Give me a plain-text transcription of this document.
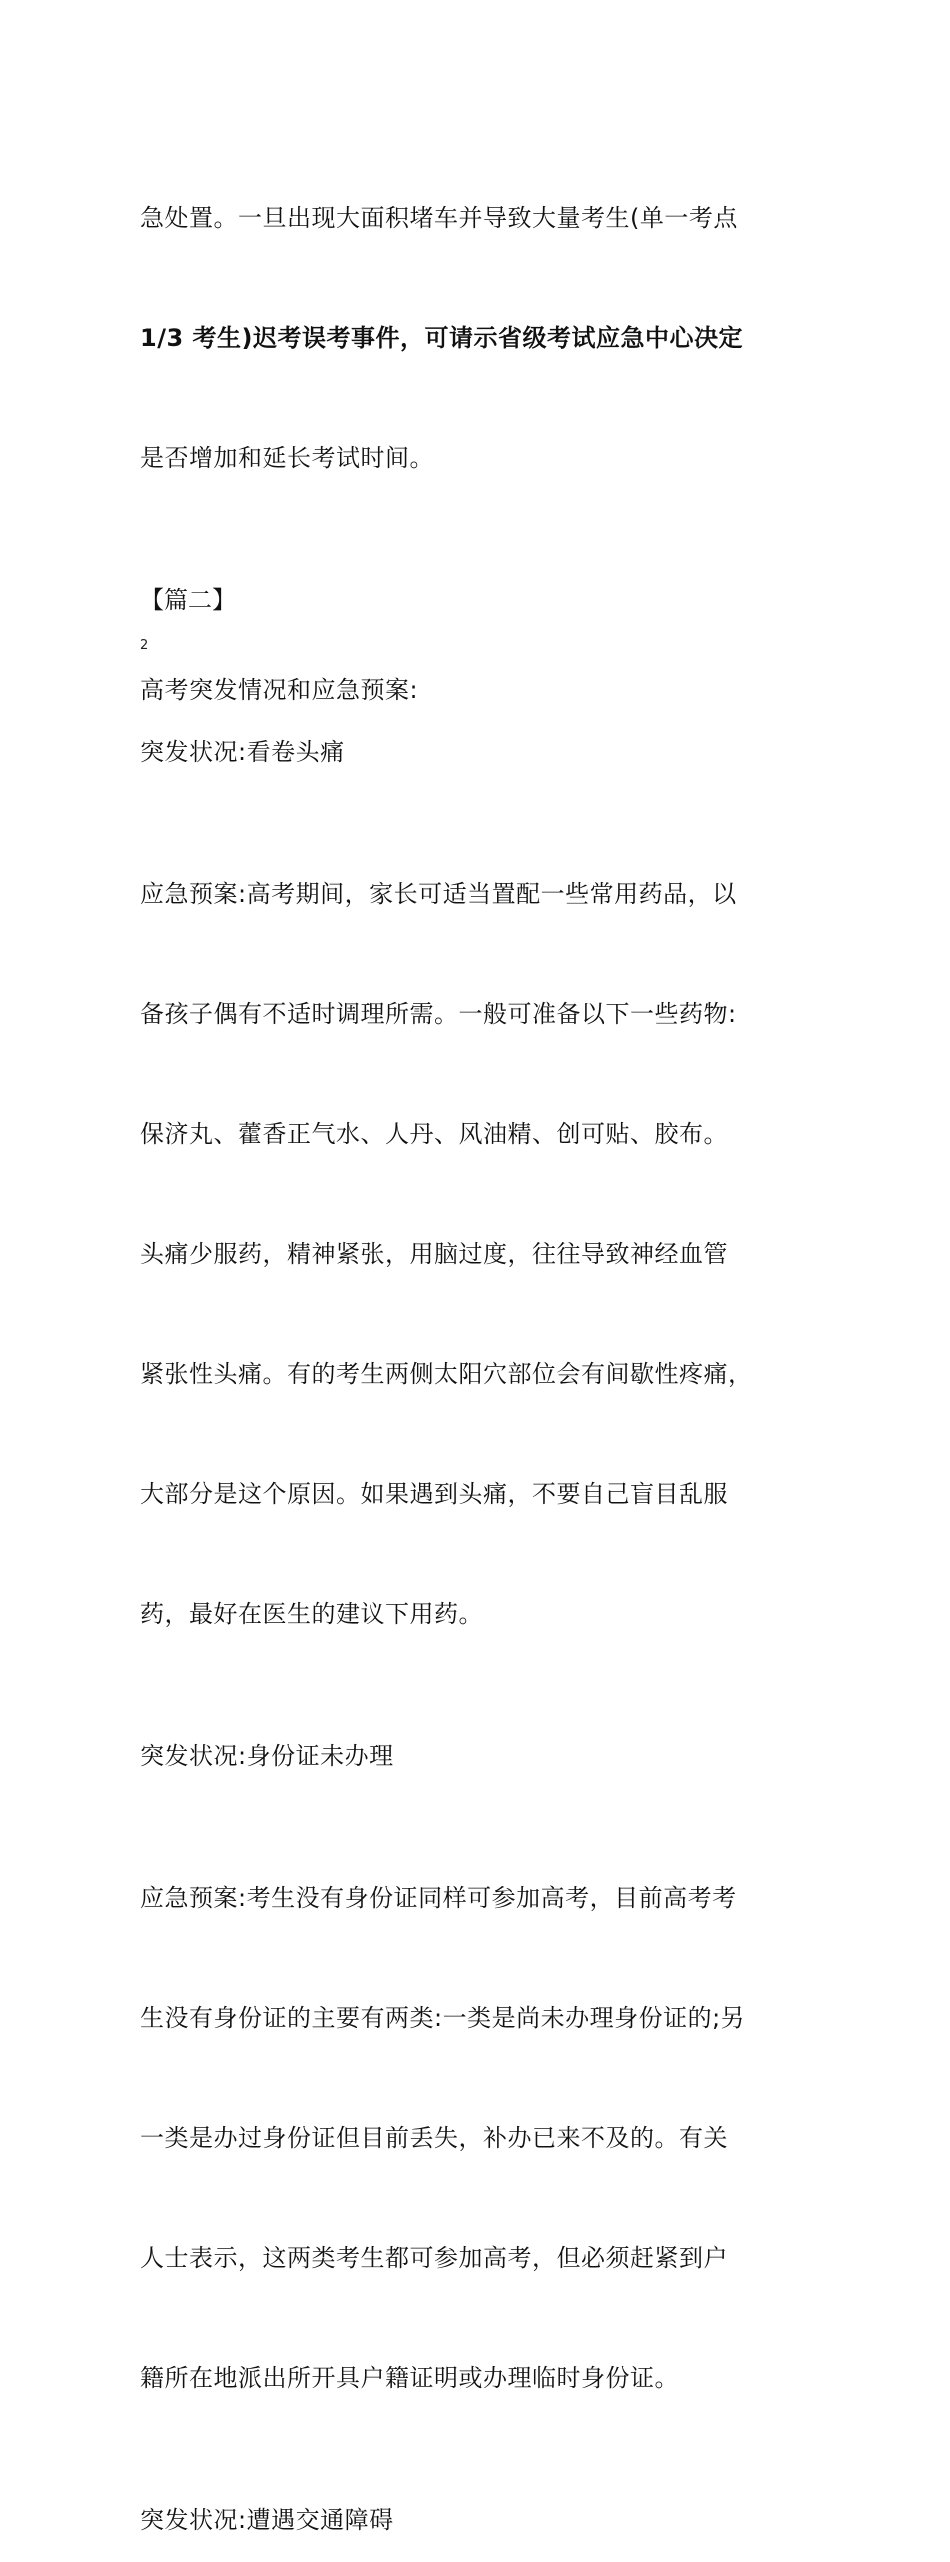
急处置。一旦出现大面积堵车并导致大量考生(单一考点

1/3 考生)迟考误考事件，可请示省级考试应急中心决定

是否增加和延长考试时间。

【篇二】

2

高考突发情况和应急预案:

突发状况:看卷头痛

应急预案:高考期间，家长可适当置配一些常用药品，以

备孩子偶有不适时调理所需。一般可准备以下一些药物:

保济丸、藿香正气水、人丹、风油精、创可贴、胶布。

头痛少服药，精神紧张，用脑过度，往往导致神经血管

紧张性头痛。有的考生两侧太阳穴部位会有间歇性疼痛，

大部分是这个原因。如果遇到头痛，不要自己盲目乱服

药，最好在医生的建议下用药。

突发状况:身份证未办理

应急预案:考生没有身份证同样可参加高考，目前高考考

生没有身份证的主要有两类:一类是尚未办理身份证的;另

一类是办过身份证但目前丢失，补办已来不及的。有关

人士表示，这两类考生都可参加高考，但必须赶紧到户

籍所在地派出所开具户籍证明或办理临时身份证。

突发状况:遭遇交通障碍
